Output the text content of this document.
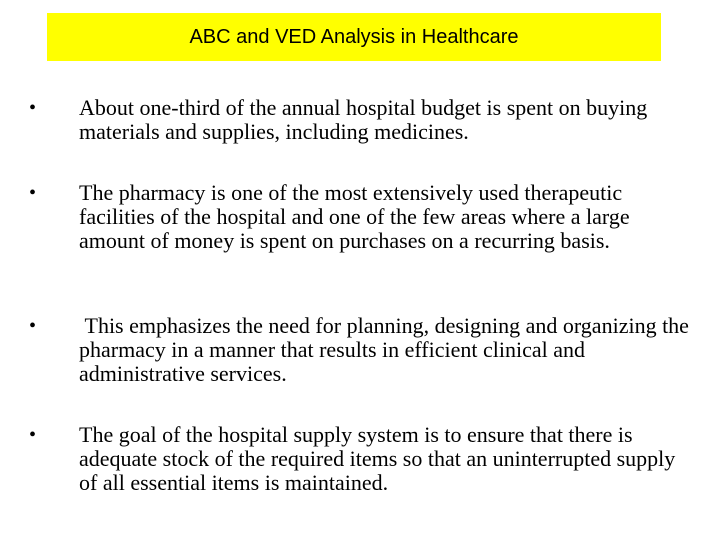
ABC and VED Analysis in Healthcare
•	About one-third of the annual hospital budget is spent on buying materials and supplies, including medicines.
•	The pharmacy is one of the most extensively used therapeutic facilities of the hospital and one of the few areas where a large amount of money is spent on purchases on a recurring basis.
•	This emphasizes the need for planning, designing and organizing the pharmacy in a manner that results in efficient clinical and administrative services.
•	The goal of the hospital supply system is to ensure that there is adequate stock of the required items so that an uninterrupted supply of all essential items is maintained.
